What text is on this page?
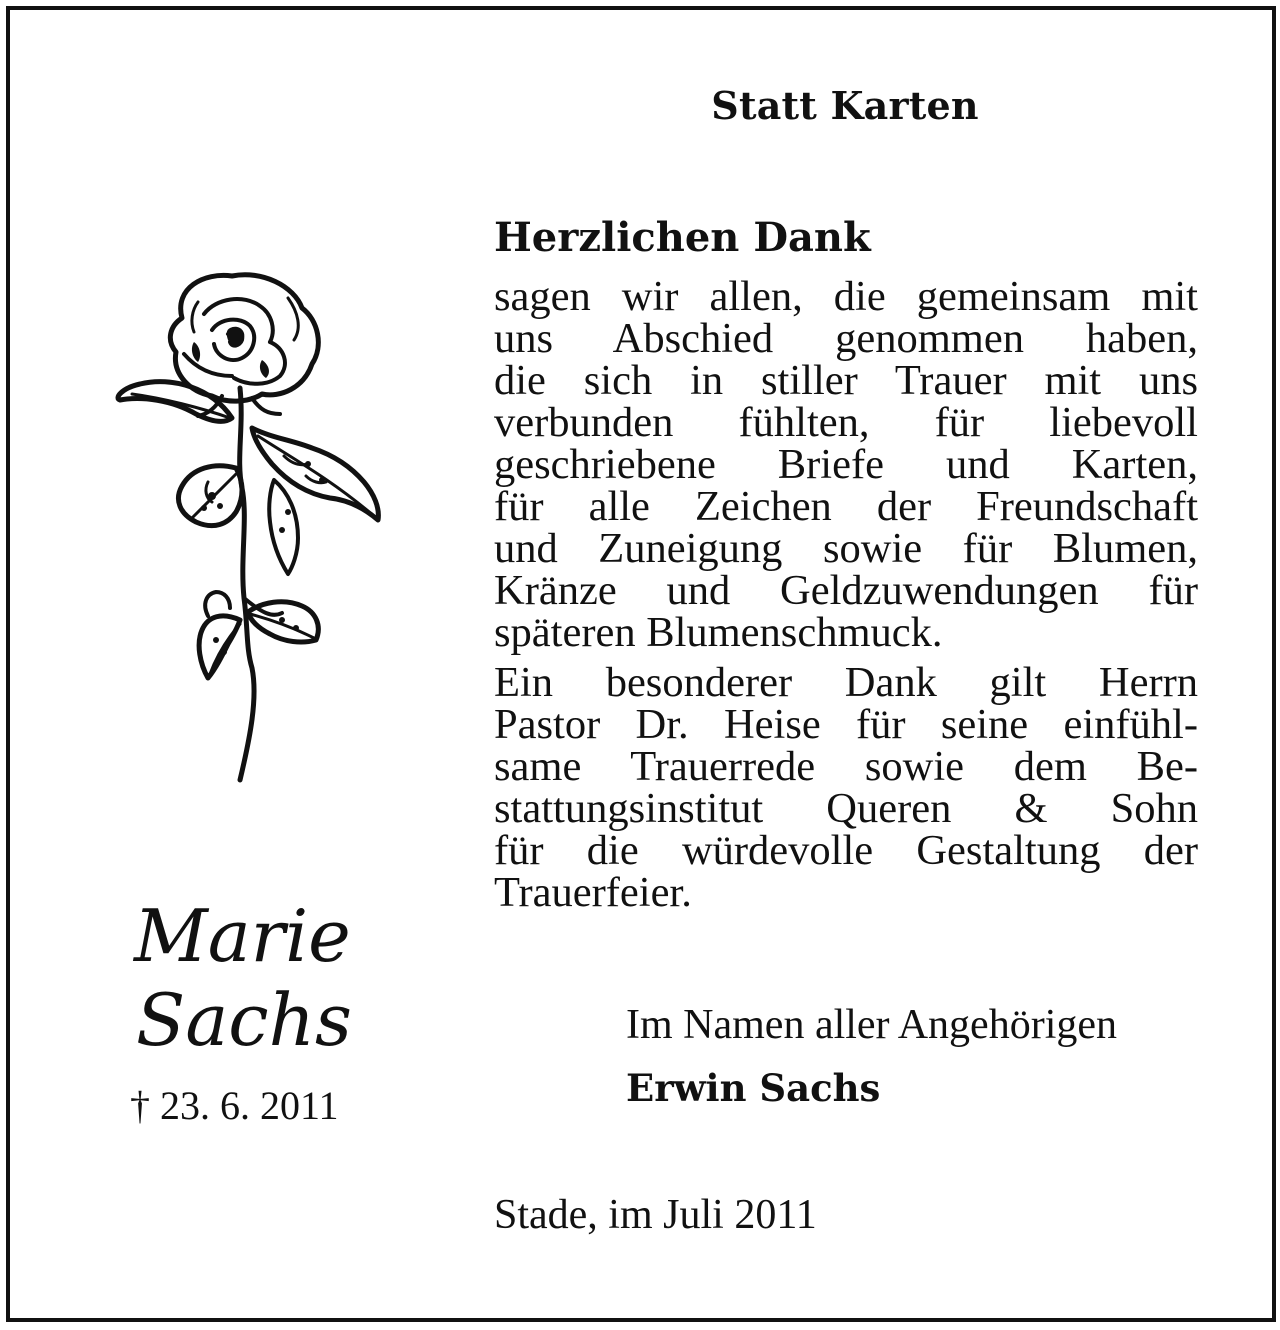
Statt Karten
Herzlichen Dank
sagen wir allen, die gemeinsam mit
uns Abschied genommen haben,
die sich in stiller Trauer mit uns
verbunden fühlten, für liebevoll
geschriebene Briefe und Karten,
für alle Zeichen der Freundschaft
und Zuneigung sowie für Blumen,
Kränze und Geldzuwendungen für
späteren Blumenschmuck.
Ein besonderer Dank gilt Herrn
Pastor Dr. Heise für seine einfühl-
same Trauerrede sowie dem Be-
stattungsinstitut Queren & Sohn
für die würdevolle Gestaltung der
Trauerfeier.
Marie
Sachs
† 23. 6. 2011
Im Namen aller Angehörigen
Erwin Sachs
Stade, im Juli 2011
